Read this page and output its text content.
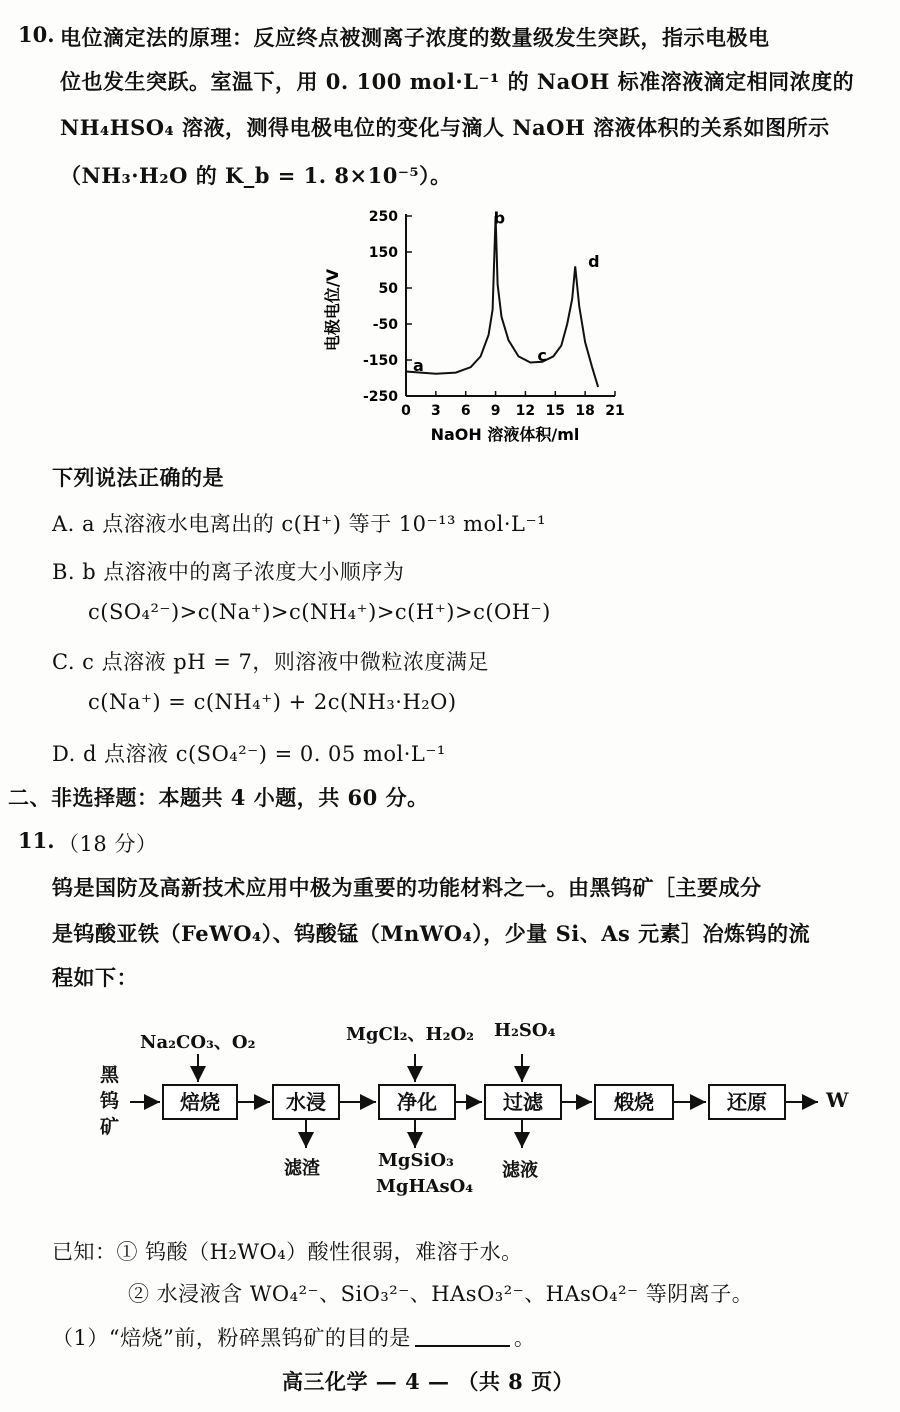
10. 电位滴定法的原理：反应终点被测离子浓度的数量级发生突跃，指示电极电
位也发生突跃。室温下，用 0. 100 mol·L⁻¹ 的 NaOH 标准溶液滴定相同浓度的
NH₄HSO₄ 溶液，测得电极电位的变化与滴人 NaOH 溶液体积的关系如图所示
（NH₃·H₂O 的 K_b = 1. 8×10⁻⁵）。
电极电位/V
250
150
50
-50
-150
-250
0 3 6 9 12 15 18 21
a
b
c
d
NaOH 溶液体积/ml
下列说法正确的是
A. a 点溶液水电离出的 c(H⁺) 等于 10⁻¹³ mol·L⁻¹
B. b 点溶液中的离子浓度大小顺序为
c(SO₄²⁻)>c(Na⁺)>c(NH₄⁺)>c(H⁺)>c(OH⁻)
C. c 点溶液 pH = 7，则溶液中微粒浓度满足
c(Na⁺) = c(NH₄⁺) + 2c(NH₃·H₂O)
D. d 点溶液 c(SO₄²⁻) = 0. 05 mol·L⁻¹
二、非选择题：本题共 4 小题，共 60 分。
11. （18 分）
钨是国防及高新技术应用中极为重要的功能材料之一。由黑钨矿［主要成分
是钨酸亚铁（FeWO₄）、钨酸锰（MnWO₄），少量 Si、As 元素］冶炼钨的流
程如下：
黑钨矿
Na₂CO₃、O₂	MgCl₂、H₂O₂ H₂SO₄
焙烧	水浸	净化	过滤	煅烧	还原	W
滤渣	MgSiO₃
MgHAsO₄
滤液
已知：① 钨酸（H₂WO₄）酸性很弱，难溶于水。
② 水浸液含 WO₄²⁻、SiO₃²⁻、HAsO₃²⁻、HAsO₄²⁻ 等阴离子。
（1）“焙烧”前，粉碎黑钨矿的目的是	。
高三化学 — 4 — （共 8 页）
